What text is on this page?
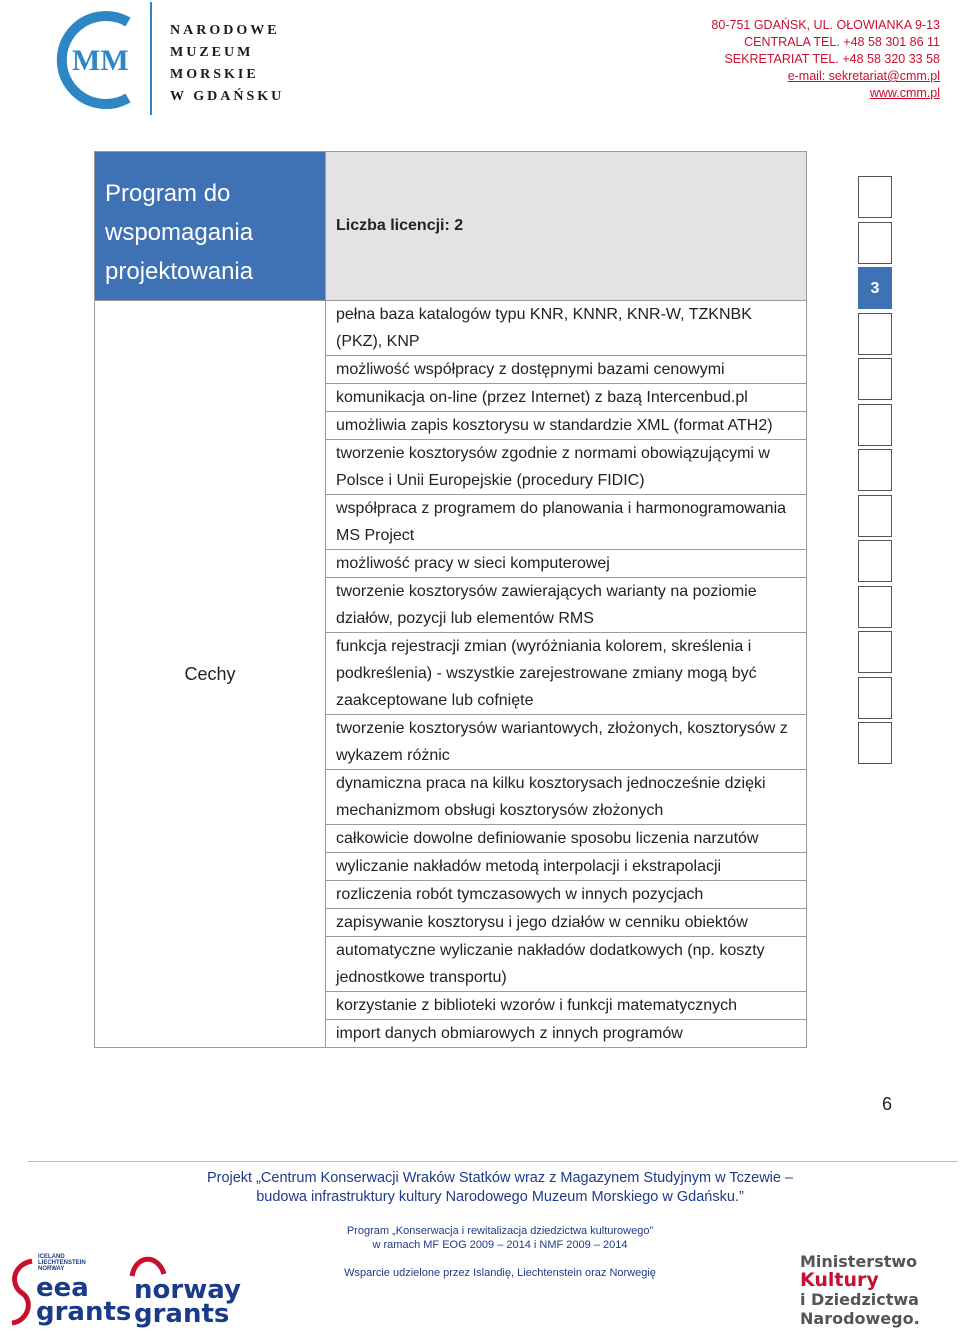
MM
NARODOWE
MUZEUM
MORSKIE
W GDAŃSKU
80-751 GDAŃSK, UL. OŁOWIANKA 9-13
CENTRALA TEL. +48 58 301 86 11
SEKRETARIAT TEL. +48 58 320 33 58
e-mail: sekretariat@cmm.pl
www.cmm.pl
Program do wspomagania projektowania	Liczba licencji: 2
Cechy	pełna baza katalogów typu KNR, KNNR, KNR-W, TZKNBK (PKZ), KNP
	możliwość współpracy z dostępnymi bazami cenowymi
	komunikacja on-line (przez Internet) z bazą Intercenbud.pl
	umożliwia zapis kosztorysu w standardzie XML (format ATH2)
	tworzenie kosztorysów zgodnie z normami obowiązującymi w Polsce i Unii Europejskie (procedury FIDIC)
	współpraca z programem do planowania i harmonogramowania MS Project
	możliwość pracy w sieci komputerowej
	tworzenie kosztorysów zawierających warianty na poziomie działów, pozycji lub elementów RMS
	funkcja rejestracji zmian (wyróżniania kolorem, skreślenia i podkreślenia) - wszystkie zarejestrowane zmiany mogą być zaakceptowane lub cofnięte
	tworzenie kosztorysów wariantowych, złożonych, kosztorysów z wykazem różnic
	dynamiczna praca na kilku kosztorysach jednocześnie dzięki mechanizmom obsługi kosztorysów złożonych
	całkowicie dowolne definiowanie sposobu liczenia narzutów
	wyliczanie nakładów metodą interpolacji i ekstrapolacji
	rozliczenia robót tymczasowych w innych pozycjach
	zapisywanie kosztorysu i jego działów w cenniku obiektów
	automatyczne wyliczanie nakładów dodatkowych (np. koszty jednostkowe transportu)
	korzystanie z biblioteki wzorów i funkcji matematycznych
	import danych obmiarowych z innych programów
3
6
Projekt „Centrum Konserwacji Wraków Statków wraz z Magazynem Studyjnym w Tczewie –
budowa infrastruktury kultury Narodowego Muzeum Morskiego w Gdańsku.”
Program „Konserwacja i rewitalizacja dziedzictwa kulturowego”
w ramach MF EOG 2009 – 2014 i NMF 2009 – 2014
Wsparcie udzielone przez Islandię, Liechtenstein oraz Norwegię
ICELAND
LIECHTENSTEIN
NORWAY
eea
grants
norway
grants
Ministerstwo
Kultury
i Dziedzictwa
Narodowego.
